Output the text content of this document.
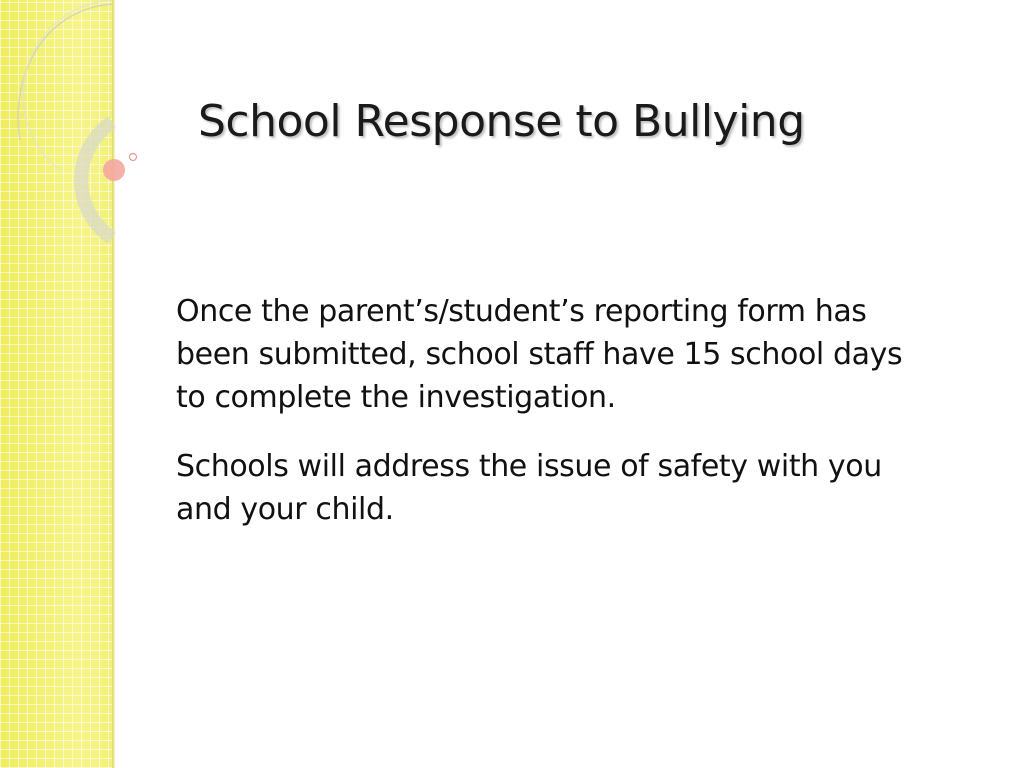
School Response to Bullying

Once the parent’s/student’s reporting form has been submitted, school staff have 15 school days to complete the investigation.

Schools will address the issue of safety with you and your child.
